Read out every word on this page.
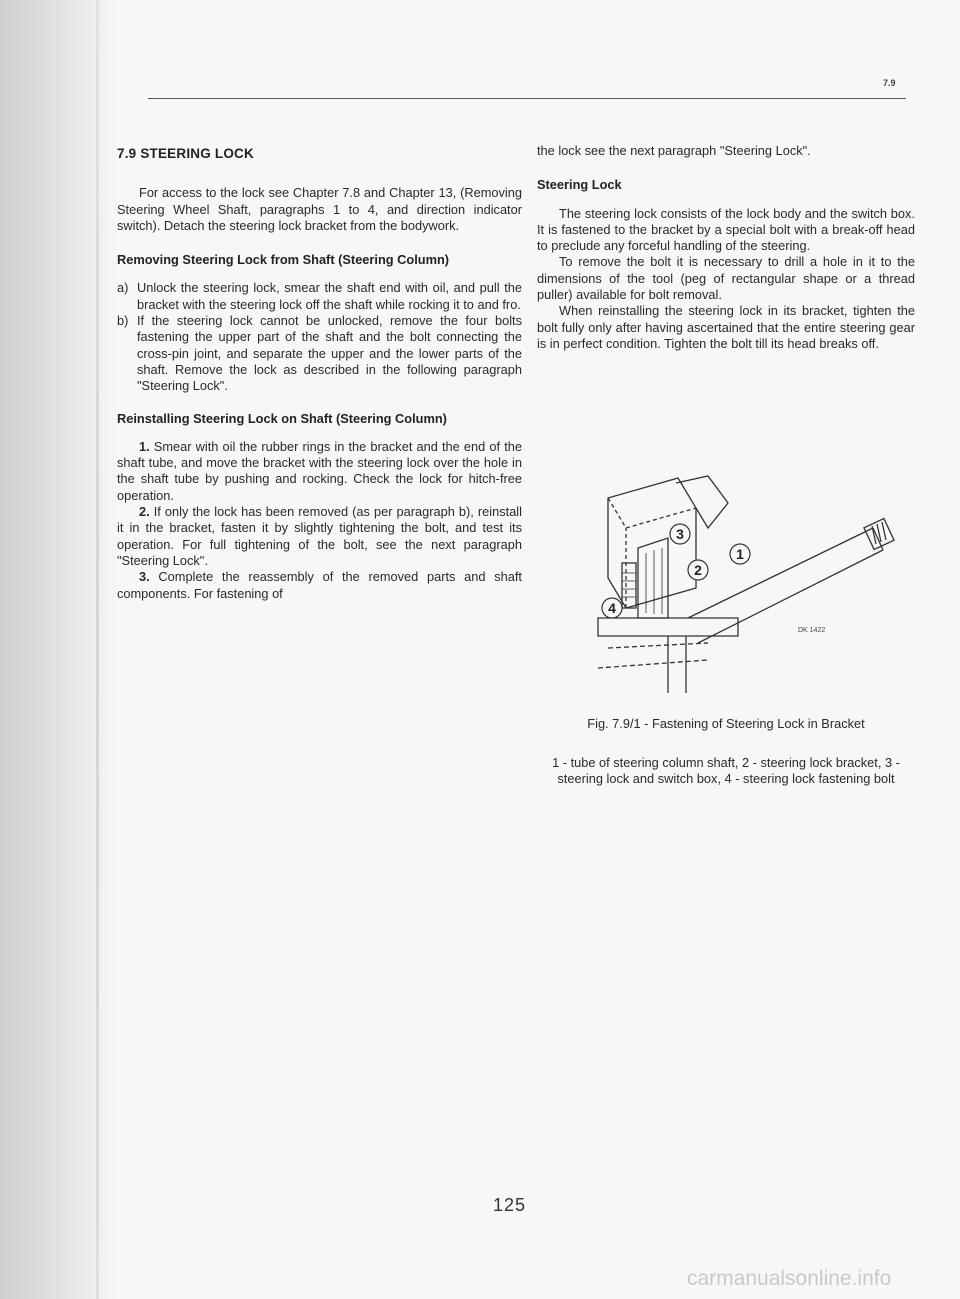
7.9
7.9 STEERING LOCK

For access to the lock see Chapter 7.8 and Chapter 13, (Removing Steering Wheel Shaft, paragraphs 1 to 4, and direction indicator switch). Detach the steering lock bracket from the bodywork.

Removing Steering Lock from Shaft (Steering Column)
a) Unlock the steering lock, smear the shaft end with oil, and pull the bracket with the steering lock off the shaft while rocking it to and fro.
b) If the steering lock cannot be unlocked, remove the four bolts fastening the upper part of the shaft and the bolt connecting the cross-pin joint, and separate the upper and the lower parts of the shaft. Remove the lock as described in the following paragraph "Steering Lock".
Reinstalling Steering Lock on Shaft (Steering Column)

1. Smear with oil the rubber rings in the bracket and the end of the shaft tube, and move the bracket with the steering lock over the hole in the shaft tube by pushing and rocking. Check the lock for hitch-free operation.

2. If only the lock has been removed (as per paragraph b), reinstall it in the bracket, fasten it by slightly tightening the bolt, and test its operation. For full tightening of the bolt, see the next paragraph "Steering Lock".

3. Complete the reassembly of the removed parts and shaft components. For fastening of

the lock see the next paragraph "Steering Lock".

Steering Lock

The steering lock consists of the lock body and the switch box. It is fastened to the bracket by a special bolt with a break-off head to preclude any forceful handling of the steering.

To remove the bolt it is necessary to drill a hole in it to the dimensions of the tool (peg of rectangular shape or a thread puller) available for bolt removal.

When reinstalling the steering lock in its bracket, tighten the bolt fully only after having ascertained that the entire steering gear is in perfect condition. Tighten the bolt till its head breaks off.

3
2
1
4
DK 1422
Fig. 7.9/1 - Fastening of Steering Lock in Bracket
1 - tube of steering column shaft, 2 - steering lock bracket, 3 - steering lock and switch box, 4 - steering lock fastening bolt
125
carmanualsonline.info
